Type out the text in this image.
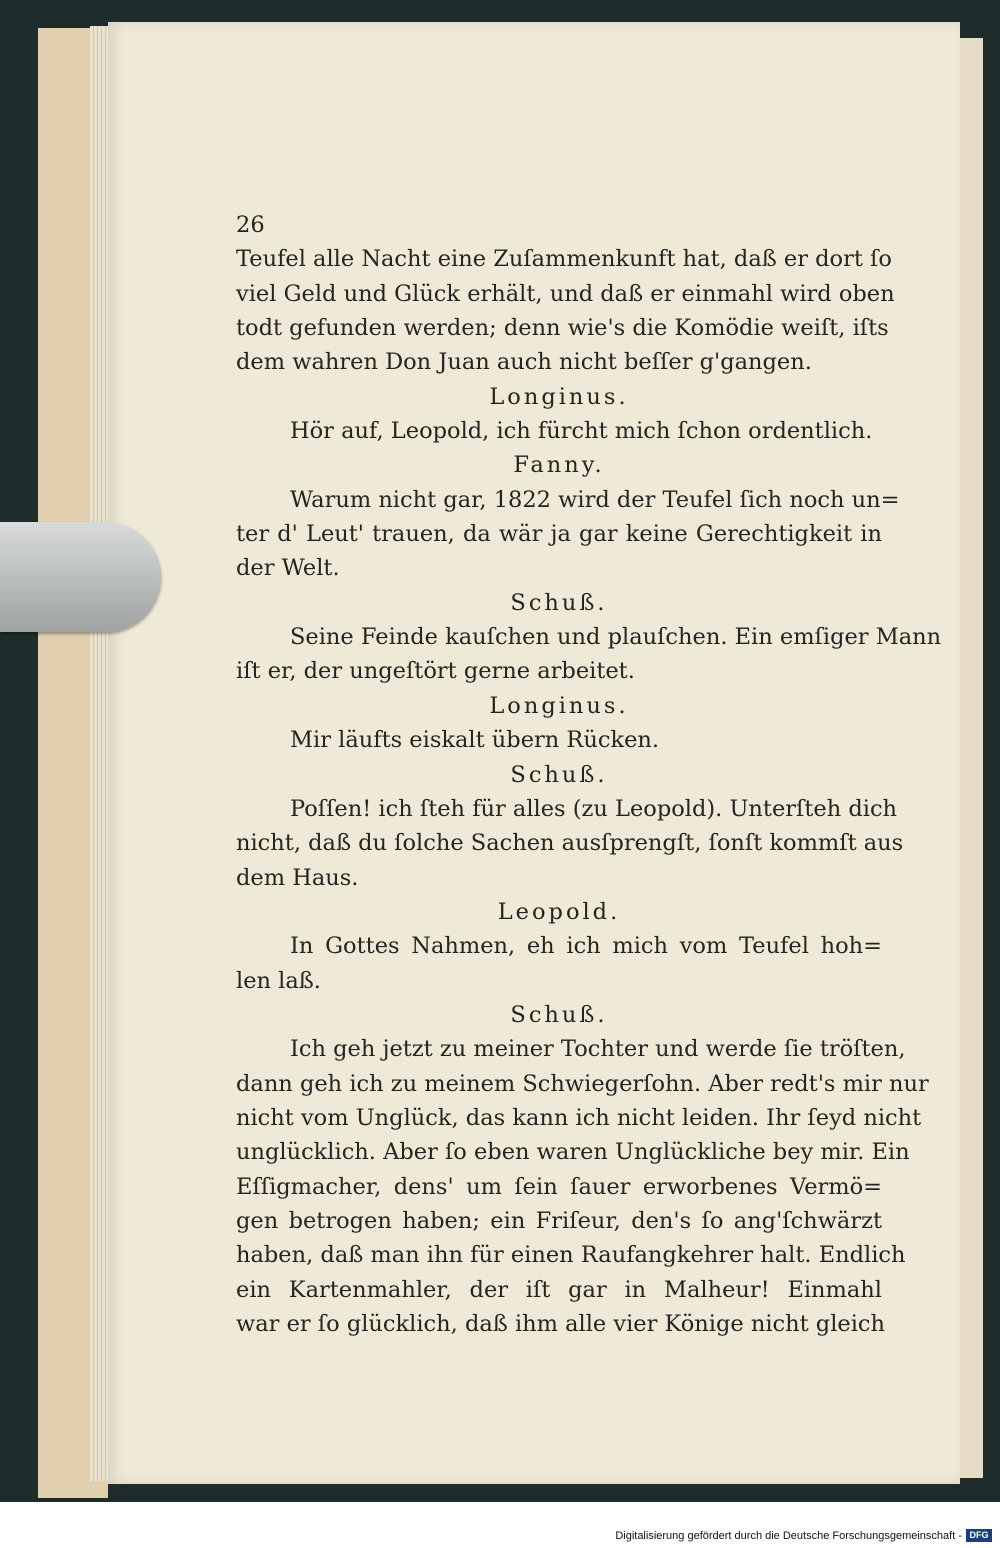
26
Teufel alle Nacht eine Zuſammenkunft hat, daß er dort ſo
viel Geld und Glück erhält, und daß er einmahl wird oben
todt gefunden werden; denn wie's die Komödie weiſt, iſts
dem wahren Don Juan auch nicht beſſer g'gangen.
Longinus.
Hör auf, Leopold, ich fürcht mich ſchon ordentlich.
Fanny.
Warum nicht gar, 1822 wird der Teufel ſich noch un=
ter d' Leut' trauen, da wär ja gar keine Gerechtigkeit in
der Welt.
Schuß.
Seine Feinde kauſchen und plauſchen. Ein emſiger Mann
iſt er, der ungeſtört gerne arbeitet.
Longinus.
Mir läufts eiskalt übern Rücken.
Schuß.
Poſſen! ich ſteh für alles (zu Leopold). Unterſteh dich
nicht, daß du ſolche Sachen ausſprengſt, ſonſt kommſt aus
dem Haus.
Leopold.
In Gottes Nahmen, eh ich mich vom Teufel hoh=
len laß.
Schuß.
Ich geh jetzt zu meiner Tochter und werde ſie tröſten,
dann geh ich zu meinem Schwiegerſohn. Aber redt's mir nur
nicht vom Unglück, das kann ich nicht leiden. Ihr ſeyd nicht
unglücklich. Aber ſo eben waren Unglückliche bey mir. Ein
Eſſigmacher, dens' um ſein ſauer erworbenes Vermö=
gen betrogen haben; ein Friſeur, den's ſo ang'ſchwärzt
haben, daß man ihn für einen Raufangkehrer halt. Endlich
ein Kartenmahler, der iſt gar in Malheur! Einmahl
war er ſo glücklich, daß ihm alle vier Könige nicht gleich
Digitalisierung gefördert durch die Deutsche Forschungsgemeinschaft - DFG
